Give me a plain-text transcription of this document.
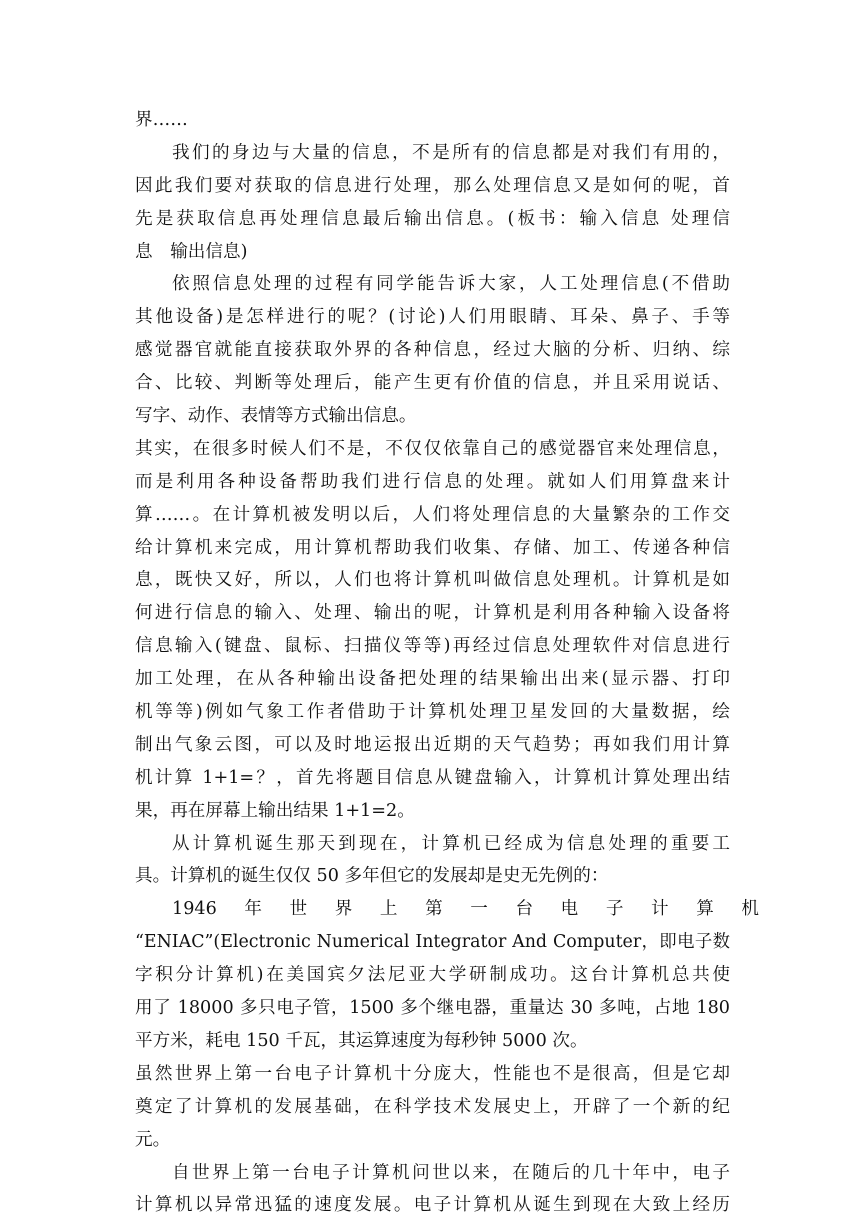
界……
我们的身边与大量的信息，不是所有的信息都是对我们有用的，
因此我们要对获取的信息进行处理，那么处理信息又是如何的呢，首
先是获取信息再处理信息最后输出信息。(板书：输入信息 处理信
息　输出信息)
依照信息处理的过程有同学能告诉大家，人工处理信息(不借助
其他设备)是怎样进行的呢？(讨论)人们用眼睛、耳朵、鼻子、手等
感觉器官就能直接获取外界的各种信息，经过大脑的分析、归纳、综
合、比较、判断等处理后，能产生更有价值的信息，并且采用说话、
写字、动作、表情等方式输出信息。
其实，在很多时候人们不是，不仅仅依靠自己的感觉器官来处理信息，
而是利用各种设备帮助我们进行信息的处理。就如人们用算盘来计
算……。在计算机被发明以后，人们将处理信息的大量繁杂的工作交
给计算机来完成，用计算机帮助我们收集、存储、加工、传递各种信
息，既快又好，所以，人们也将计算机叫做信息处理机。计算机是如
何进行信息的输入、处理、输出的呢，计算机是利用各种输入设备将
信息输入(键盘、鼠标、扫描仪等等)再经过信息处理软件对信息进行
加工处理，在从各种输出设备把处理的结果输出出来(显示器、打印
机等等)例如气象工作者借助于计算机处理卫星发回的大量数据，绘
制出气象云图，可以及时地运报出近期的天气趋势；再如我们用计算
机计算 1+1=？，首先将题目信息从键盘输入，计算机计算处理出结
果，再在屏幕上输出结果 1+1=2。
从计算机诞生那天到现在，计算机已经成为信息处理的重要工
具。计算机的诞生仅仅 50 多年但它的发展却是史无先例的：
1946 年 世 界 上 第 一 台 电 子 计 算 机
“ENIAC”(Electronic Numerical Integrator And Computer，即电子数
字积分计算机)在美国宾夕法尼亚大学研制成功。这台计算机总共使
用了 18000 多只电子管，1500 多个继电器，重量达 30 多吨，占地 180
平方米，耗电 150 千瓦，其运算速度为每秒钟 5000 次。
虽然世界上第一台电子计算机十分庞大，性能也不是很高，但是它却
奠定了计算机的发展基础，在科学技术发展史上，开辟了一个新的纪
元。
自世界上第一台电子计算机问世以来，在随后的几十年中，电子
计算机以异常迅猛的速度发展。电子计算机从诞生到现在大致上经历
